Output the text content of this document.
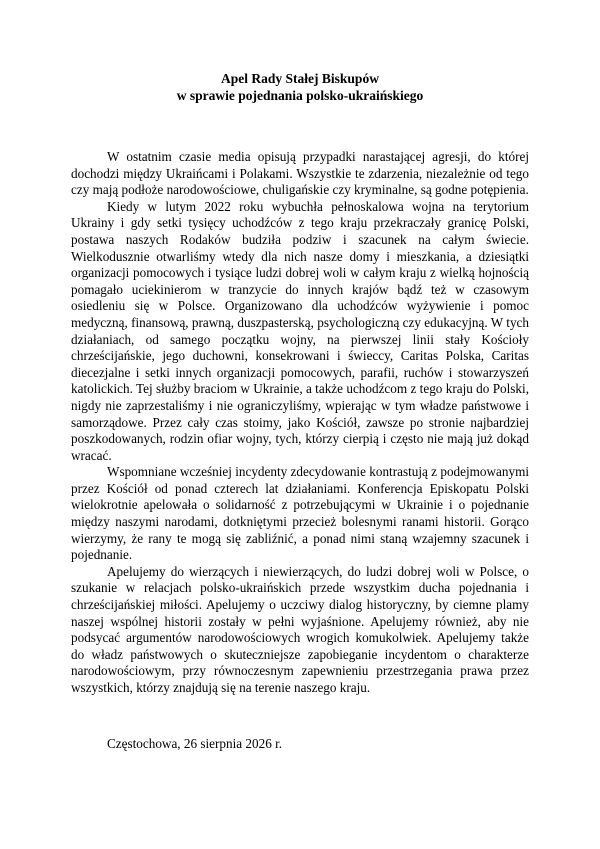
Apel Rady Stałej Biskupów
w sprawie pojednania polsko-ukraińskiego

W ostatnim czasie media opisują przypadki narastającej agresji, do której dochodzi między Ukraińcami i Polakami. Wszystkie te zdarzenia, niezależnie od tego czy mają podłoże narodowościowe, chuligańskie czy kryminalne, są godne potępienia.

Kiedy w lutym 2022 roku wybuchła pełnoskalowa wojna na terytorium Ukrainy i gdy setki tysięcy uchodźców z tego kraju przekraczały granicę Polski, postawa naszych Rodaków budziła podziw i szacunek na całym świecie. Wielkodusznie otwarliśmy wtedy dla nich nasze domy i mieszkania, a dziesiątki organizacji pomocowych i tysiące ludzi dobrej woli w całym kraju z wielką hojnością pomagało uciekinierom w tranzycie do innych krajów bądź też w czasowym osiedleniu się w Polsce. Organizowano dla uchodźców wyżywienie i pomoc medyczną, finansową, prawną, duszpasterską, psychologiczną czy edukacyjną. W tych działaniach, od samego początku wojny, na pierwszej linii stały Kościoły chrześcijańskie, jego duchowni, konsekrowani i świeccy, Caritas Polska, Caritas diecezjalne i setki innych organizacji pomocowych, parafii, ruchów i stowarzyszeń katolickich. Tej służby braciom w Ukrainie, a także uchodźcom z tego kraju do Polski, nigdy nie zaprzestaliśmy i nie ograniczyliśmy, wpierając w tym władze państwowe i samorządowe. Przez cały czas stoimy, jako Kościół, zawsze po stronie najbardziej poszkodowanych, rodzin ofiar wojny, tych, którzy cierpią i często nie mają już dokąd wracać.

Wspomniane wcześniej incydenty zdecydowanie kontrastują z podejmowanymi przez Kościół od ponad czterech lat działaniami. Konferencja Episkopatu Polski wielokrotnie apelowała o solidarność z potrzebującymi w Ukrainie i o pojednanie między naszymi narodami, dotkniętymi przecież bolesnymi ranami historii. Gorąco wierzymy, że rany te mogą się zabliźnić, a ponad nimi staną wzajemny szacunek i pojednanie.

Apelujemy do wierzących i niewierzących, do ludzi dobrej woli w Polsce, o szukanie w relacjach polsko-ukraińskich przede wszystkim ducha pojednania i chrześcijańskiej miłości. Apelujemy o uczciwy dialog historyczny, by ciemne plamy naszej wspólnej historii zostały w pełni wyjaśnione. Apelujemy również, aby nie podsycać argumentów narodowościowych wrogich komukolwiek. Apelujemy także do władz państwowych o skuteczniejsze zapobieganie incydentom o charakterze narodowościowym, przy równoczesnym zapewnieniu przestrzegania prawa przez wszystkich, którzy znajdują się na terenie naszego kraju.

Częstochowa, 26 sierpnia 2026 r.
